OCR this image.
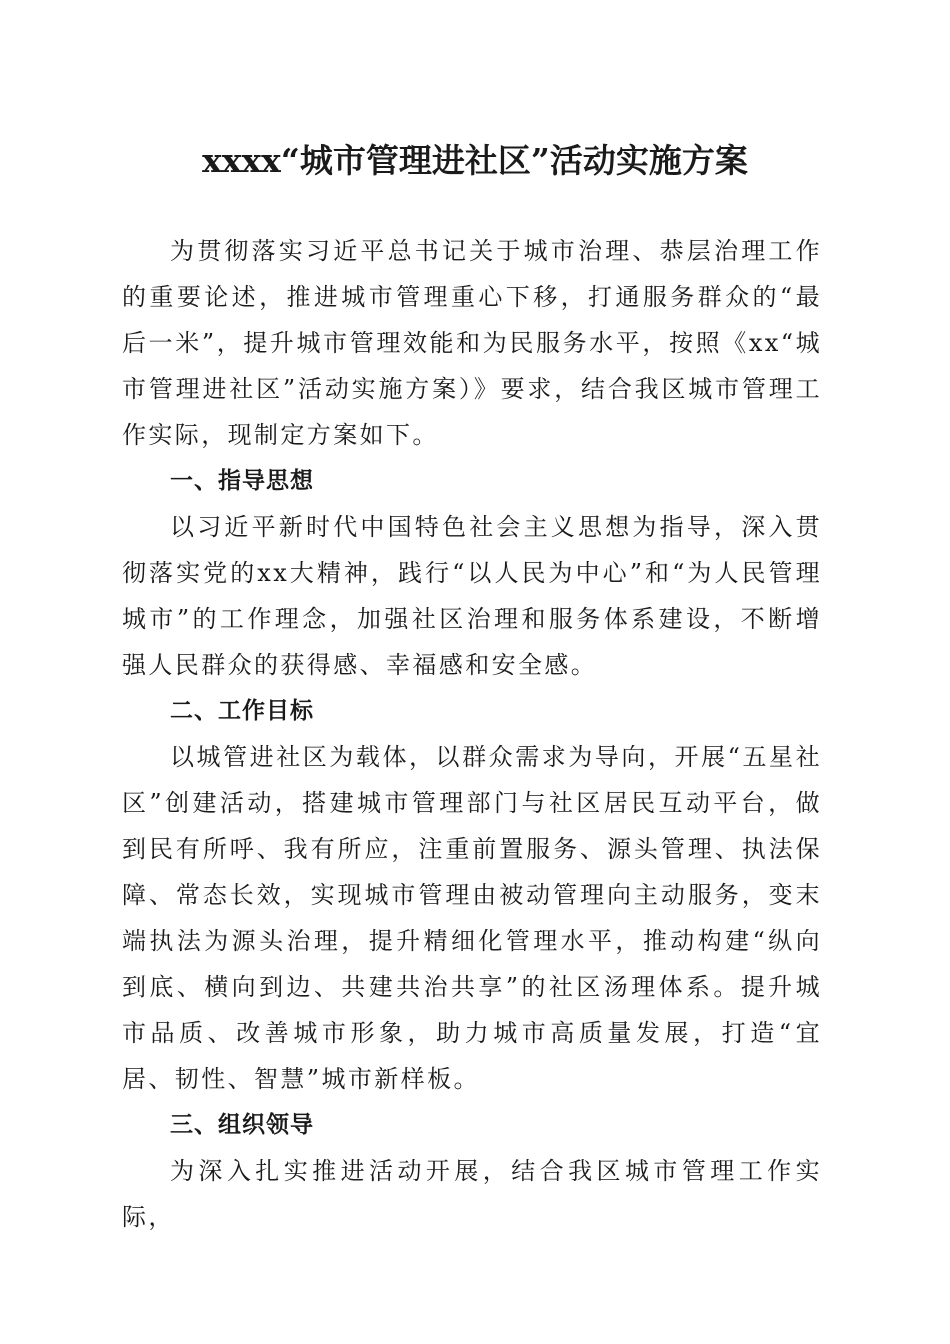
xxxx“城市管理进社区”活动实施方案

为贯彻落实习近平总书记关于城市治理、恭层治理工作的重要论述，推进城市管理重心下移，打通服务群众的“最后一米”，提升城市管理效能和为民服务水平，按照《xx“城市管理进社区”活动实施方案）》要求，结合我区城市管理工作实际，现制定方案如下。

一、指导思想

以习近平新时代中国特色社会主义思想为指导，深入贯彻落实党的xx大精神，践行“以人民为中心”和“为人民管理城市”的工作理念，加强社区治理和服务体系建设，不断增强人民群众的获得感、幸福感和安全感。

二、工作目标

以城管进社区为载体，以群众需求为导向，开展“五星社区”创建活动，搭建城市管理部门与社区居民互动平台，做到民有所呼、我有所应，注重前置服务、源头管理、执法保障、常态长效，实现城市管理由被动管理向主动服务，变末端执法为源头治理，提升精细化管理水平，推动构建“纵向到底、横向到边、共建共治共享”的社区汤理体系。提升城市品质、改善城市形象，助力城市高质量发展，打造“宜居、韧性、智慧”城市新样板。

三、组织领导

为深入扎实推进活动开展，结合我区城市管理工作实际，
